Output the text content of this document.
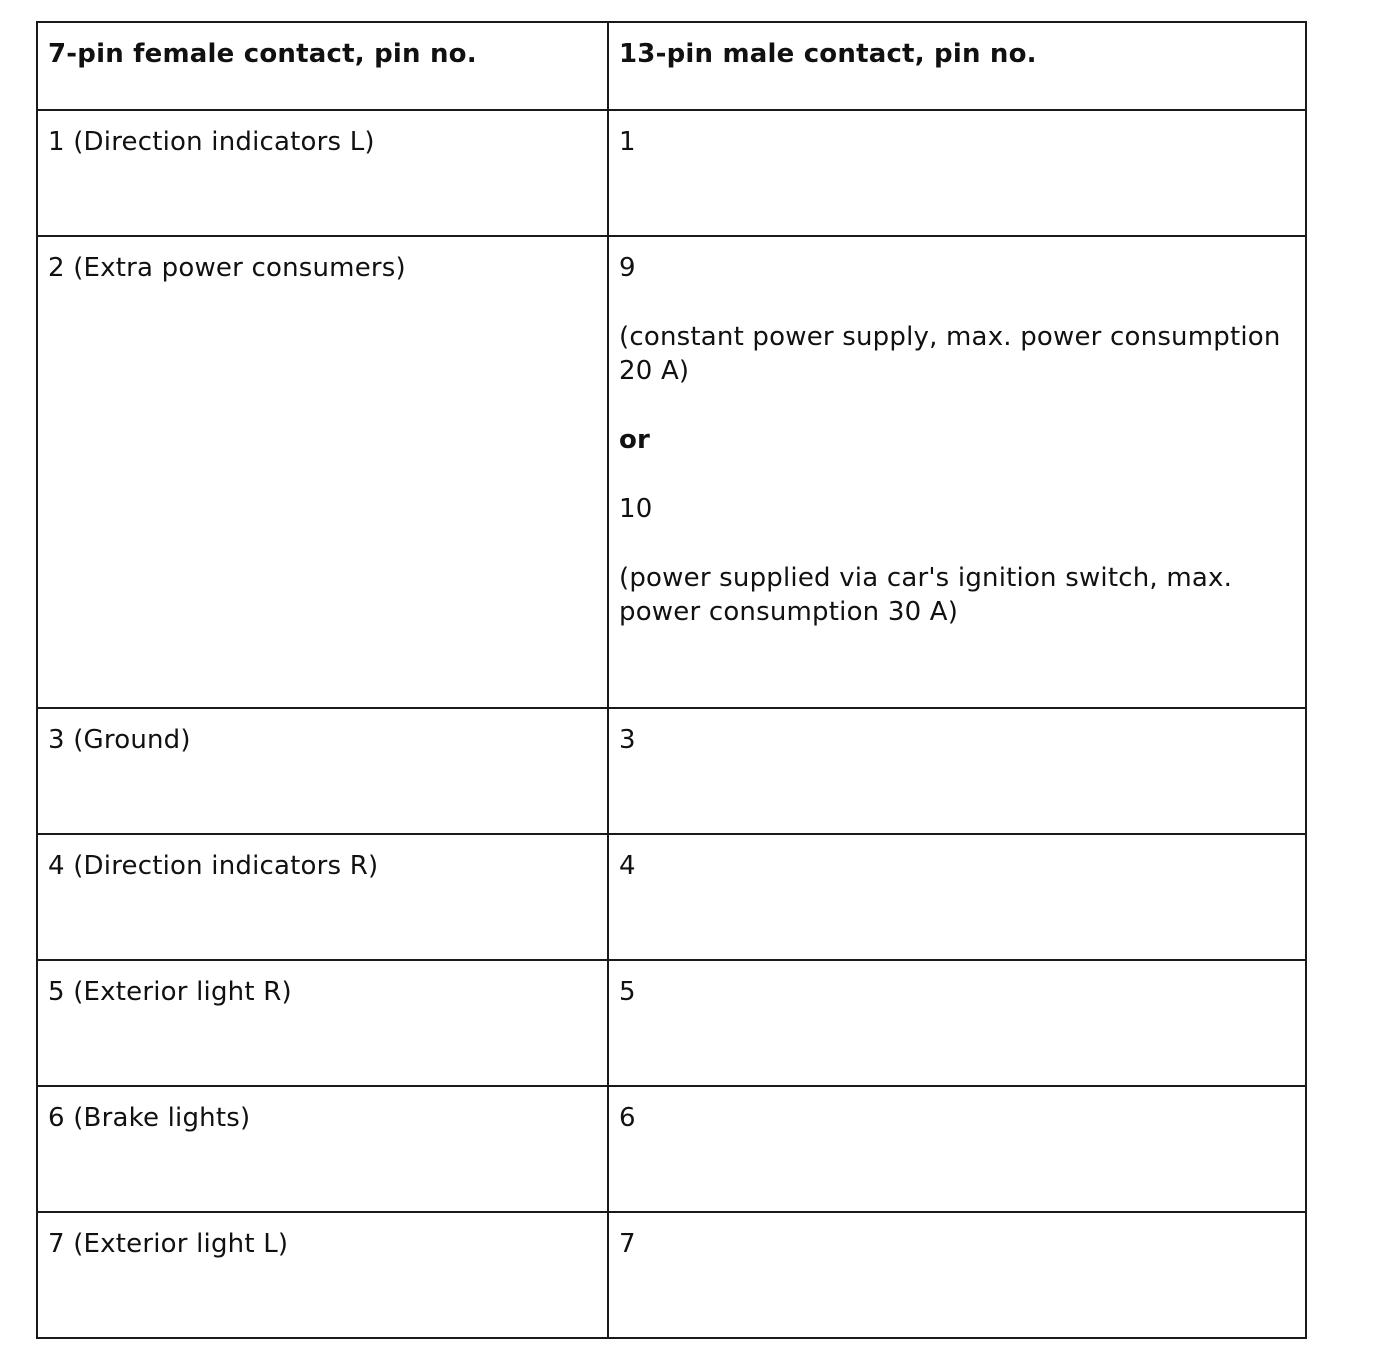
7-pin female contact, pin no.	13-pin male contact, pin no.
1 (Direction indicators L)	1
2 (Extra power consumers)	9
(constant power supply, max. power consumption 20 A)
or
10
(power supplied via car's ignition switch, max. power consumption 30 A)

3 (Ground)	3
4 (Direction indicators R)	4
5 (Exterior light R)	5
6 (Brake lights)	6
7 (Exterior light L)	7
